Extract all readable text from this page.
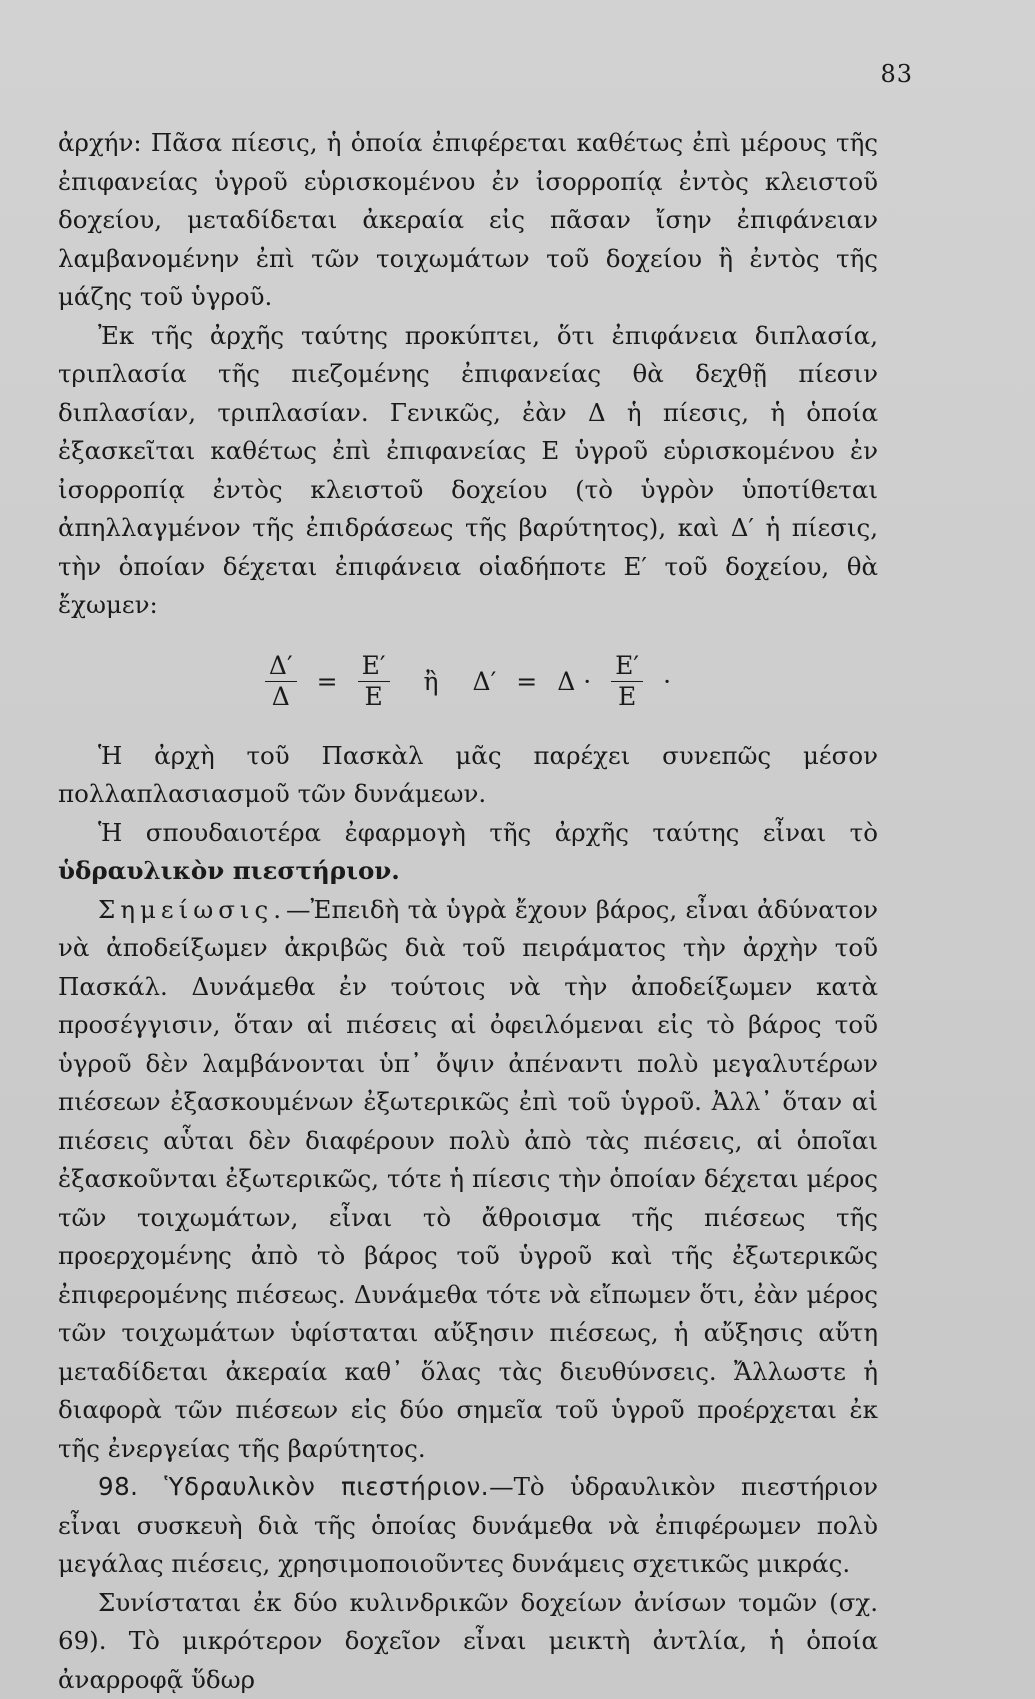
83

ἀρχήν: Πᾶσα πίεσις, ἡ ὁποία ἐπιφέρεται καθέτως ἐπὶ μέρους τῆς ἐπιφανείας ὑγροῦ εὑρισκομένου ἐν ἰσορροπίᾳ ἐντὸς κλειστοῦ δοχείου, μεταδίδεται ἀκεραία εἰς πᾶσαν ἴσην ἐπιφάνειαν λαμβανομένην ἐπὶ τῶν τοιχωμάτων τοῦ δοχείου ἢ ἐντὸς τῆς μάζης τοῦ ὑγροῦ.

Ἐκ τῆς ἀρχῆς ταύτης προκύπτει, ὅτι ἐπιφάνεια διπλασία, τριπλασία τῆς πιεζομένης ἐπιφανείας θὰ δεχθῇ πίεσιν διπλασίαν, τριπλασίαν. Γενικῶς, ἐὰν Δ ἡ πίεσις, ἡ ὁποία ἐξασκεῖται καθέτως ἐπὶ ἐπιφανείας Ε ὑγροῦ εὑρισκομένου ἐν ἰσορροπίᾳ ἐντὸς κλειστοῦ δοχείου (τὸ ὑγρὸν ὑποτίθεται ἀπηλλαγμένον τῆς ἐπιδράσεως τῆς βαρύτητος), καὶ Δ′ ἡ πίεσις, τὴν ὁποίαν δέχεται ἐπιφάνεια οἱαδήποτε Ε′ τοῦ δοχείου, θὰ ἔχωμεν:

$\frac{\Delta'}{\Delta} = \frac{E'}{E}$ ἢ $\Delta' = \Delta \cdot \frac{E'}{E}$ ·

Ἡ ἀρχὴ τοῦ Πασκὰλ μᾶς παρέχει συνεπῶς μέσον πολλαπλασιασμοῦ τῶν δυνάμεων.

Ἡ σπουδαιοτέρα ἐφαρμογὴ τῆς ἀρχῆς ταύτης εἶναι τὸ ὑδραυλικὸν πιεστήριον.

Σημείωσις.—Ἐπειδὴ τὰ ὑγρὰ ἔχουν βάρος, εἶναι ἀδύνατον νὰ ἀποδείξωμεν ἀκριβῶς διὰ τοῦ πειράματος τὴν ἀρχὴν τοῦ Πασκάλ. Δυνάμεθα ἐν τούτοις νὰ τὴν ἀποδείξωμεν κατὰ προσέγγισιν, ὅταν αἱ πιέσεις αἱ ὀφειλόμεναι εἰς τὸ βάρος τοῦ ὑγροῦ δὲν λαμβάνονται ὑπ᾿ ὄψιν ἀπέναντι πολὺ μεγαλυτέρων πιέσεων ἐξασκουμένων ἐξωτερικῶς ἐπὶ τοῦ ὑγροῦ. Ἀλλ᾿ ὅταν αἱ πιέσεις αὗται δὲν διαφέρουν πολὺ ἀπὸ τὰς πιέσεις, αἱ ὁποῖαι ἐξασκοῦνται ἐξωτερικῶς, τότε ἡ πίεσις τὴν ὁποίαν δέχεται μέρος τῶν τοιχωμάτων, εἶναι τὸ ἄθροισμα τῆς πιέσεως τῆς προερχομένης ἀπὸ τὸ βάρος τοῦ ὑγροῦ καὶ τῆς ἐξωτερικῶς ἐπιφερομένης πιέσεως. Δυνάμεθα τότε νὰ εἴπωμεν ὅτι, ἐὰν μέρος τῶν τοιχωμάτων ὑφίσταται αὔξησιν πιέσεως, ἡ αὔξησις αὕτη μεταδίδεται ἀκεραία καθ᾿ ὅλας τὰς διευθύνσεις. Ἄλλωστε ἡ διαφορὰ τῶν πιέσεων εἰς δύο σημεῖα τοῦ ὑγροῦ προέρχεται ἐκ τῆς ἐνεργείας τῆς βαρύτητος.

98. Ὑδραυλικὸν πιεστήριον.—Τὸ ὑδραυλικὸν πιεστήριον εἶναι συσκευὴ διὰ τῆς ὁποίας δυνάμεθα νὰ ἐπιφέρωμεν πολὺ μεγάλας πιέσεις, χρησιμοποιοῦντες δυνάμεις σχετικῶς μικράς.

Συνίσταται ἐκ δύο κυλινδρικῶν δοχείων ἀνίσων τομῶν (σχ. 69). Τὸ μικρότερον δοχεῖον εἶναι μεικτὴ ἀντλία, ἡ ὁποία ἀναρροφᾷ ὕδωρ
